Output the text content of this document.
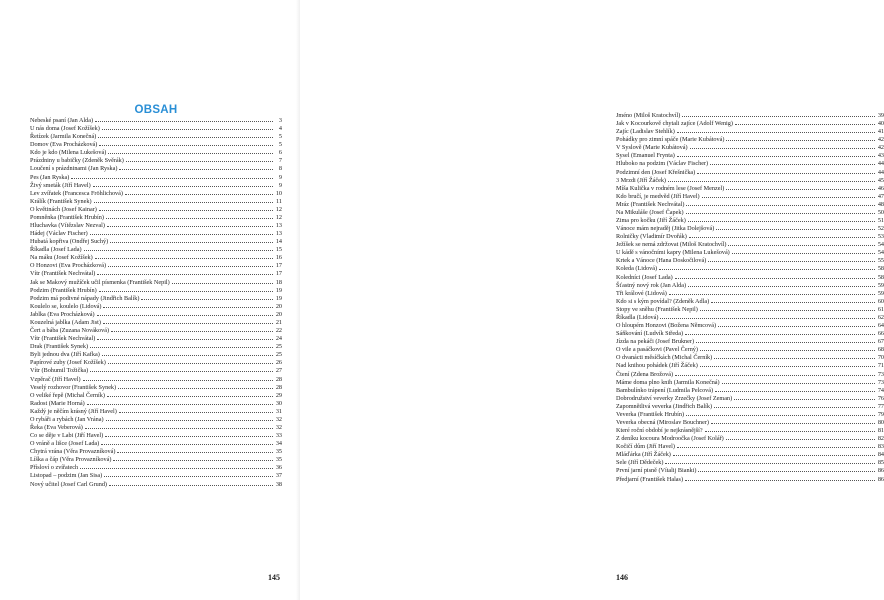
OBSAH
Nebeské psaní (Jan Alda)	3
U nás doma (Josef Kožíšek)	4
Řetízek (Jarmila Konečná)	5
Domov (Eva Procházková)	5
Kdo je kdo (Milena Lukešová)	6
Prázdniny u babičky (Zdeněk Svěrák)	7
Loučení s prázdninami (Jan Ryska)	8
Pes (Jan Ryska)	9
Živý smeták (Jiří Havel)	9
Lev zvířatek (Francesca Fröhlichová)	10
Králík (František Synek)	11
O květinách (Josef Kainar)	12
Pomněnka (František Hrubín)	12
Hluchavka (Vítězslav Nezval)	13
Hádej (Václav Fischer)	13
Hubatá kopřiva (Ondřej Suchý)	14
Říkadla (Josef Lada)	15
Na máku (Josef Kožíšek)	16
O Honzovi (Eva Procházková)	17
Vítr (František Nechvátal)	17
Jak se Makový mužíček učil písmenka (František Nepil)	18
Podzim (František Hrubín)	19
Podzim má podivné nápady (Jindřich Balík)	19
Koulelo se, koulelo (Lidová)	20
Jablka (Eva Procházková)	20
Kouzelná jablka (Adam Jist)	21
Čert a bába (Zuzana Nováková)	22
Vítr (František Nechvátal)	24
Drak (František Synek)	25
Byli jednou dva (Jiří Kafka)	25
Papírové zuby (Josef Kožíšek)	26
Vítr (Bohumil Tožička)	27
Vzpěrač (Jiří Havel)	28
Veselý rozhovor (František Synek)	28
O veliké řepě (Michal Černík)	29
Radost (Marie Horná)	30
Každý je něčím krásný (Jiří Havel)	31
O rybáři a rybách (Jan Vrána)	32
Řeka (Eva Veberová)	32
Co se děje v Labi (Jiří Havel)	33
O vráně a lišce (Josef Lada)	34
Chytrá vrána (Věra Provazníková)	35
Líška a čáp (Věra Provazníková)	35
Přísloví o zvířatech	36
Listopad – podzim (Jan Sisa)	37
Nový učitel (Josef Carl Grund)	38
145
Jméno (Miloš Kratochvíl)	39
Jak v Kocourkově chytali zajíce (Adolf Wenig)	40
Zajíc (Ladislav Stehlík)	41
Pohádky pro zimní spáče (Marie Kubátová)	42
V Syslově (Marie Kubátová)	42
Sysel (Emanuel Frynta)	43
Hluboko na podzim (Václav Fischer)	44
Podzimní den (Josef Křešnička)	44
3 Mrzdi (Jiří Žáček)	45
Míša Kulička v rodném lese (Josef Menzel)	46
Kdo bručí, je medvěd (Jiří Havel)	47
Mráz (František Nechvátal)	48
Na Mikuláše (Josef Čapek)	50
Zima pro kočku (Jiří Žáček)	51
Vánoce mám nejraděj (Jitka Dolejšová)	52
Rolničky (Vladimír Dvořák)	53
Ježíšek se nemá zdržovat (Miloš Kratochvíl)	54
U kádě s vánočními kapry (Milena Lukešová)	54
Krtek a Vánoce (Hana Doskočilová)	55
Koleda (Lidová)	58
Koledníci (Josef Lada)	58
Šťastný nový rok (Jan Alda)	59
Tři králové (Lidová)	59
Kdo si s kým povídal? (Zdeněk Adla)	60
Stopy ve sněhu (František Nepil)	61
Říkadla (Lidová)	62
O hloupém Honzovi (Božena Němcová)	64
Sáňkování (Ludvík Středa)	66
Jízda na pekáči (Josef Brukner)	67
O vile a pasáčkovi (Pavel Černý)	68
O dvanácti měsíčkách (Michal Černík)	70
Nad knihou pohádek (Jiří Žáček)	71
Čtení (Zdena Brožová)	73
Máme doma plno knih (Jarmila Konečná)	73
Bambulínko trápení (Ludmila Pelcová)	74
Dobrodružství veverky Zrzečky (Josef Zeman)	76
Zapomnětlivá veverka (Jindřich Balík)	77
Veverka (František Hrubín)	79
Veverka obecná (Miroslav Bouchner)	80
Které roční období je nejkrásnější?	81
Z deníku kocoura Modroočka (Josef Kolář)	82
Kočičí dům (Jiří Havel)	83
Mláďárka (Jiří Žáček)	84
Sele (Jiří Dědeček)	85
První jarní pisně (Vítalij Bianki)	86
Předjarní (František Halas)	86
146
